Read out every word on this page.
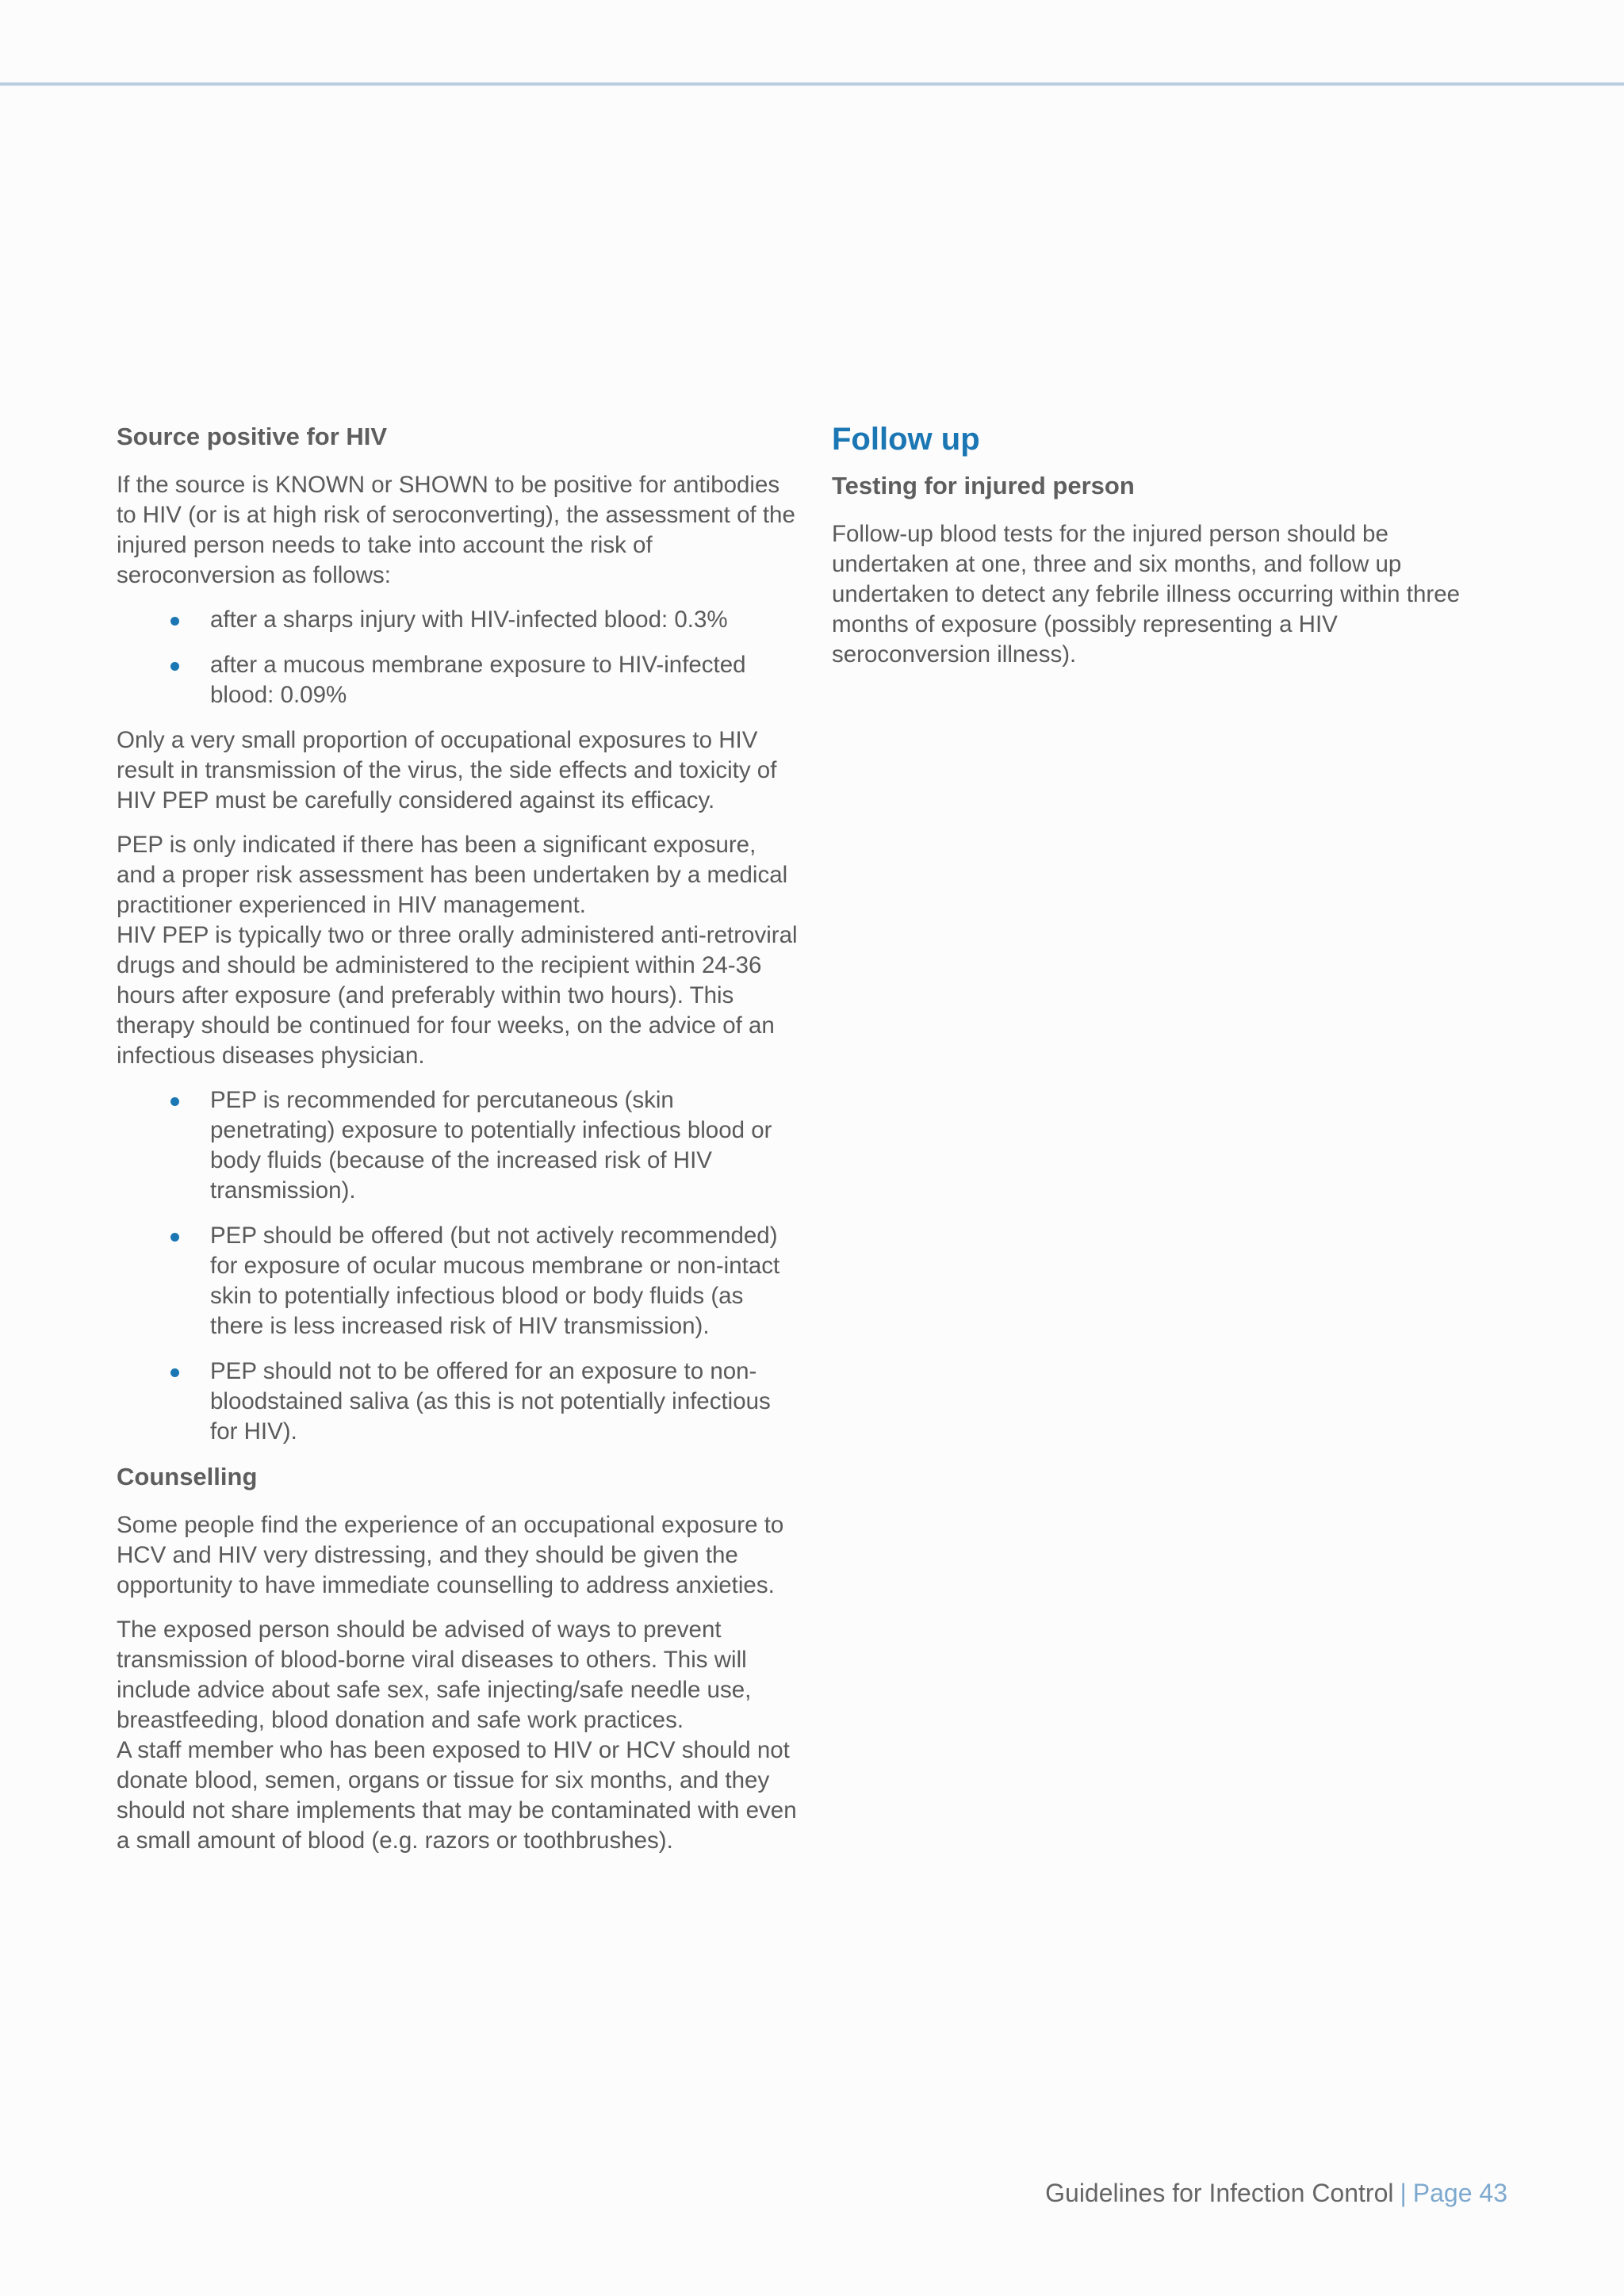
Source positive for HIV

If the source is KNOWN or SHOWN to be positive for antibodies to HIV (or is at high risk of seroconverting), the assessment of the injured person needs to take into account the risk of seroconversion as follows:

after a sharps injury with HIV-infected blood: 0.3%
after a mucous membrane exposure to HIV-infected blood: 0.09%

Only a very small proportion of occupational exposures to HIV result in transmission of the virus, the side effects and toxicity of HIV PEP must be carefully considered against its efficacy.

PEP is only indicated if there has been a significant exposure, and a proper risk assessment has been undertaken by a medical practitioner experienced in HIV management.
HIV PEP is typically two or three orally administered anti-retroviral drugs and should be administered to the recipient within 24-36 hours after exposure (and preferably within two hours). This therapy should be continued for four weeks, on the advice of an infectious diseases physician.

PEP is recommended for percutaneous (skin penetrating) exposure to potentially infectious blood or body fluids (because of the increased risk of HIV transmission).
PEP should be offered (but not actively recommended) for exposure of ocular mucous membrane or non-intact skin to potentially infectious blood or body fluids (as there is less increased risk of HIV transmission).
PEP should not to be offered for an exposure to non-bloodstained saliva (as this is not potentially infectious for HIV).
Counselling

Some people find the experience of an occupational exposure to HCV and HIV very distressing, and they should be given the opportunity to have immediate counselling to address anxieties.

The exposed person should be advised of ways to prevent transmission of blood-borne viral diseases to others. This will include advice about safe sex, safe injecting/safe needle use, breastfeeding, blood donation and safe work practices.
A staff member who has been exposed to HIV or HCV should not donate blood, semen, organs or tissue for six months, and they should not share implements that may be contaminated with even a small amount of blood (e.g. razors or toothbrushes).

Follow up
Testing for injured person

Follow-up blood tests for the injured person should be undertaken at one, three and six months, and follow up undertaken to detect any febrile illness occurring within three months of exposure (possibly representing a HIV seroconversion illness).

Guidelines for Infection Control | Page 43
